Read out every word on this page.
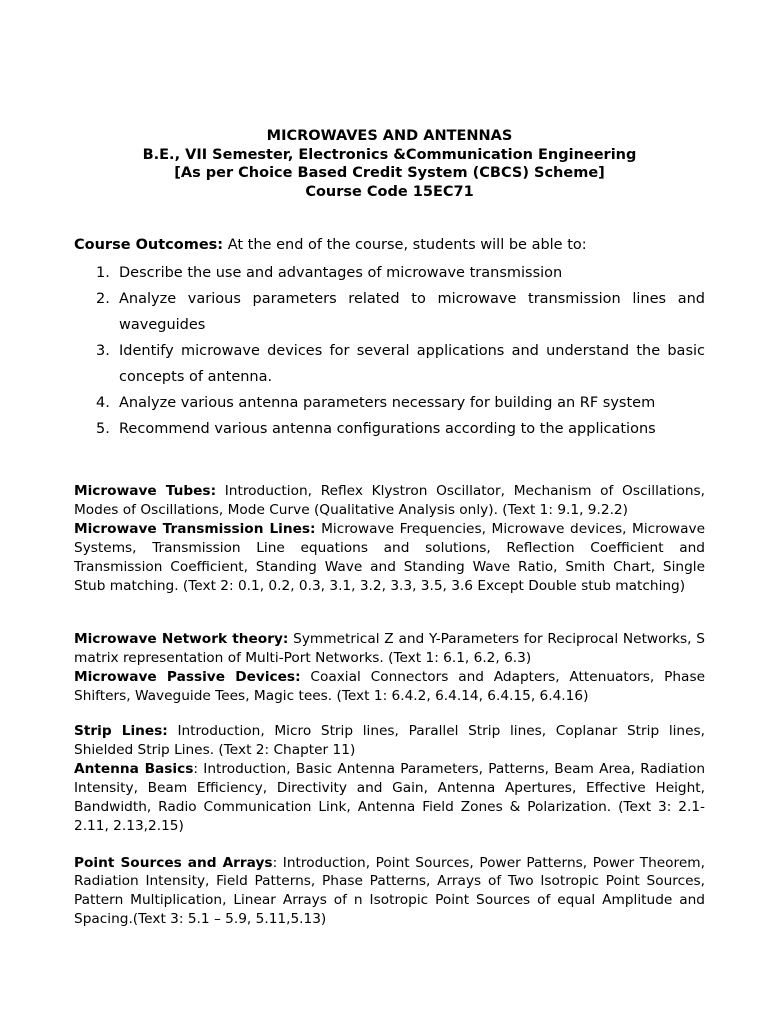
MICROWAVES AND ANTENNAS
B.E., VII Semester, Electronics &Communication Engineering
[As per Choice Based Credit System (CBCS) Scheme]
Course Code 15EC71
Course Outcomes: At the end of the course, students will be able to:
1. Describe the use and advantages of microwave transmission
2. Analyze various parameters related to microwave transmission lines and waveguides
3. Identify microwave devices for several applications and understand the basic concepts of antenna.
4. Analyze various antenna parameters necessary for building an RF system
5. Recommend various antenna configurations according to the applications

Microwave Tubes: Introduction, Reflex Klystron Oscillator, Mechanism of Oscillations, Modes of Oscillations, Mode Curve (Qualitative Analysis only). (Text 1: 9.1, 9.2.2)

Microwave Transmission Lines: Microwave Frequencies, Microwave devices, Microwave Systems, Transmission Line equations and solutions, Reflection Coefficient and Transmission Coefficient, Standing Wave and Standing Wave Ratio, Smith Chart, Single Stub matching. (Text 2: 0.1, 0.2, 0.3, 3.1, 3.2, 3.3, 3.5, 3.6 Except Double stub matching)

Microwave Network theory: Symmetrical Z and Y-Parameters for Reciprocal Networks, S matrix representation of Multi-Port Networks. (Text 1: 6.1, 6.2, 6.3)

Microwave Passive Devices: Coaxial Connectors and Adapters, Attenuators, Phase Shifters, Waveguide Tees, Magic tees. (Text 1: 6.4.2, 6.4.14, 6.4.15, 6.4.16)

Strip Lines: Introduction, Micro Strip lines, Parallel Strip lines, Coplanar Strip lines, Shielded Strip Lines. (Text 2: Chapter 11)

Antenna Basics: Introduction, Basic Antenna Parameters, Patterns, Beam Area, Radiation Intensity, Beam Efficiency, Directivity and Gain, Antenna Apertures, Effective Height, Bandwidth, Radio Communication Link, Antenna Field Zones & Polarization. (Text 3: 2.1-2.11, 2.13,2.15)

Point Sources and Arrays: Introduction, Point Sources, Power Patterns, Power Theorem, Radiation Intensity, Field Patterns, Phase Patterns, Arrays of Two Isotropic Point Sources, Pattern Multiplication, Linear Arrays of n Isotropic Point Sources of equal Amplitude and Spacing.(Text 3: 5.1 – 5.9, 5.11,5.13)
